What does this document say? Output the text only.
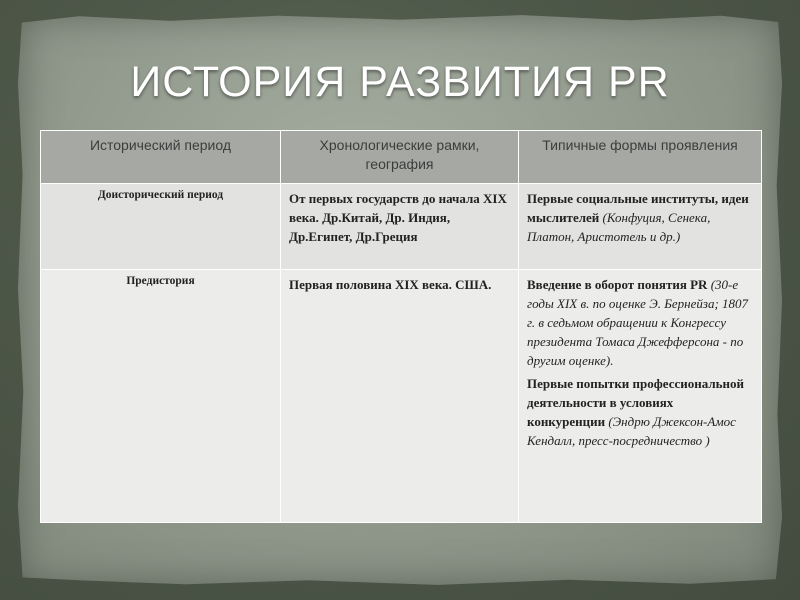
ИСТОРИЯ РАЗВИТИЯ PR
Исторический период	Хронологические рамки, география	Типичные формы проявления
Доисторический период	От первых государств до начала XIX века. Др.Китай, Др. Индия, Др.Египет, Др.Греция	Первые социальные институты, идеи мыслителей (Конфуция, Сенека, Платон, Аристотель и др.)
Предистория	Первая половина XIX века. США.	Введение в оборот понятия PR (30-е годы XIX в. по оценке Э. Бернейза; 1807 г. в седьмом обращении к Конгрессу президента Томаса Джефферсона - по другим оценке).
Первые попытки профессиональной деятельности в условиях конкуренции (Эндрю Джексон-Амос Кендалл, пресс-посредничество )
